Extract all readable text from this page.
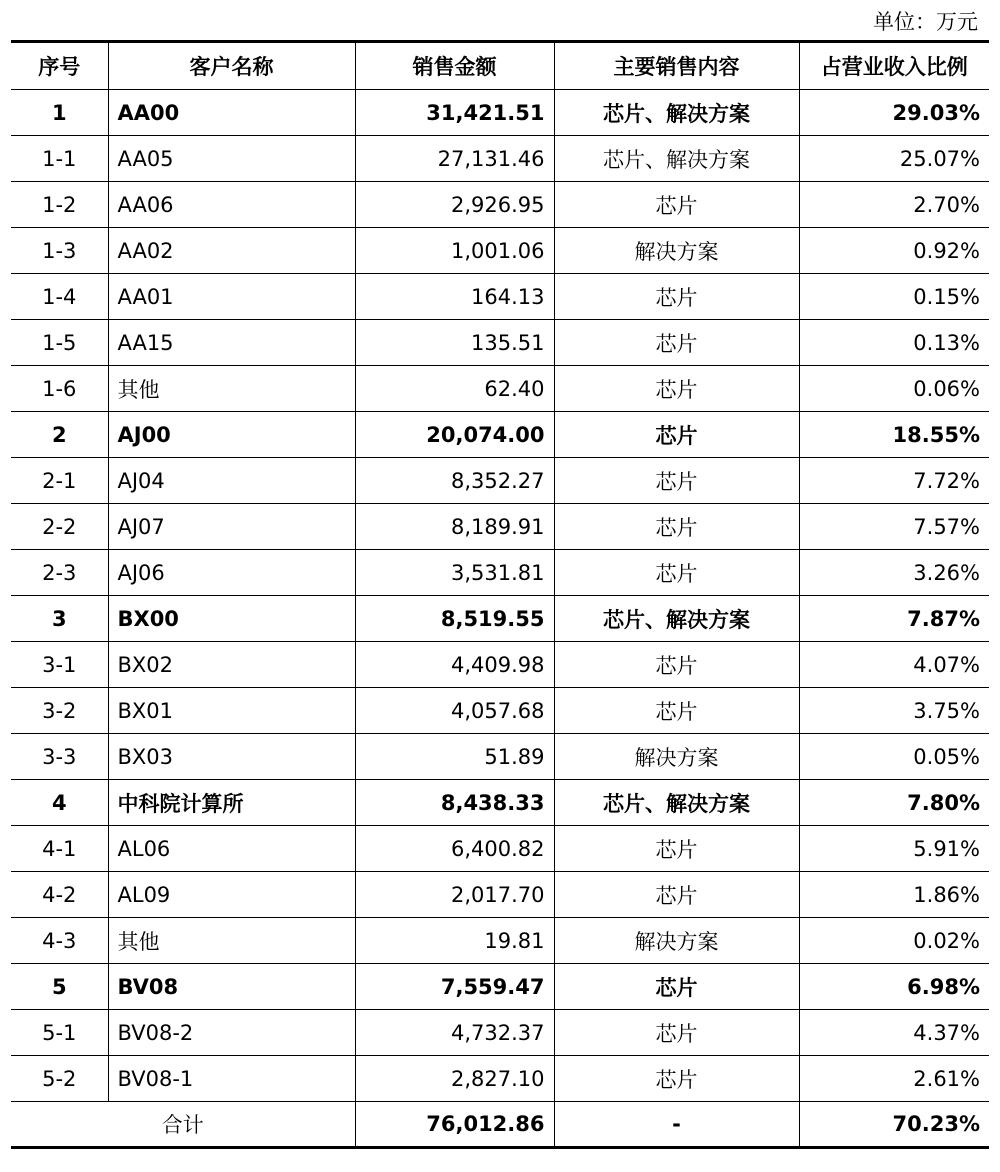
单位：万元
序号	客户名称	销售金额	主要销售内容	占营业收入比例
1	AA00	31,421.51	芯片、解决方案	29.03%
1-1	AA05	27,131.46	芯片、解决方案	25.07%
1-2	AA06	2,926.95	芯片	2.70%
1-3	AA02	1,001.06	解决方案	0.92%
1-4	AA01	164.13	芯片	0.15%
1-5	AA15	135.51	芯片	0.13%
1-6	其他	62.40	芯片	0.06%
2	AJ00	20,074.00	芯片	18.55%
2-1	AJ04	8,352.27	芯片	7.72%
2-2	AJ07	8,189.91	芯片	7.57%
2-3	AJ06	3,531.81	芯片	3.26%
3	BX00	8,519.55	芯片、解决方案	7.87%
3-1	BX02	4,409.98	芯片	4.07%
3-2	BX01	4,057.68	芯片	3.75%
3-3	BX03	51.89	解决方案	0.05%
4	中科院计算所	8,438.33	芯片、解决方案	7.80%
4-1	AL06	6,400.82	芯片	5.91%
4-2	AL09	2,017.70	芯片	1.86%
4-3	其他	19.81	解决方案	0.02%
5	BV08	7,559.47	芯片	6.98%
5-1	BV08-2	4,732.37	芯片	4.37%
5-2	BV08-1	2,827.10	芯片	2.61%
合计		76,012.86	-	70.23%
